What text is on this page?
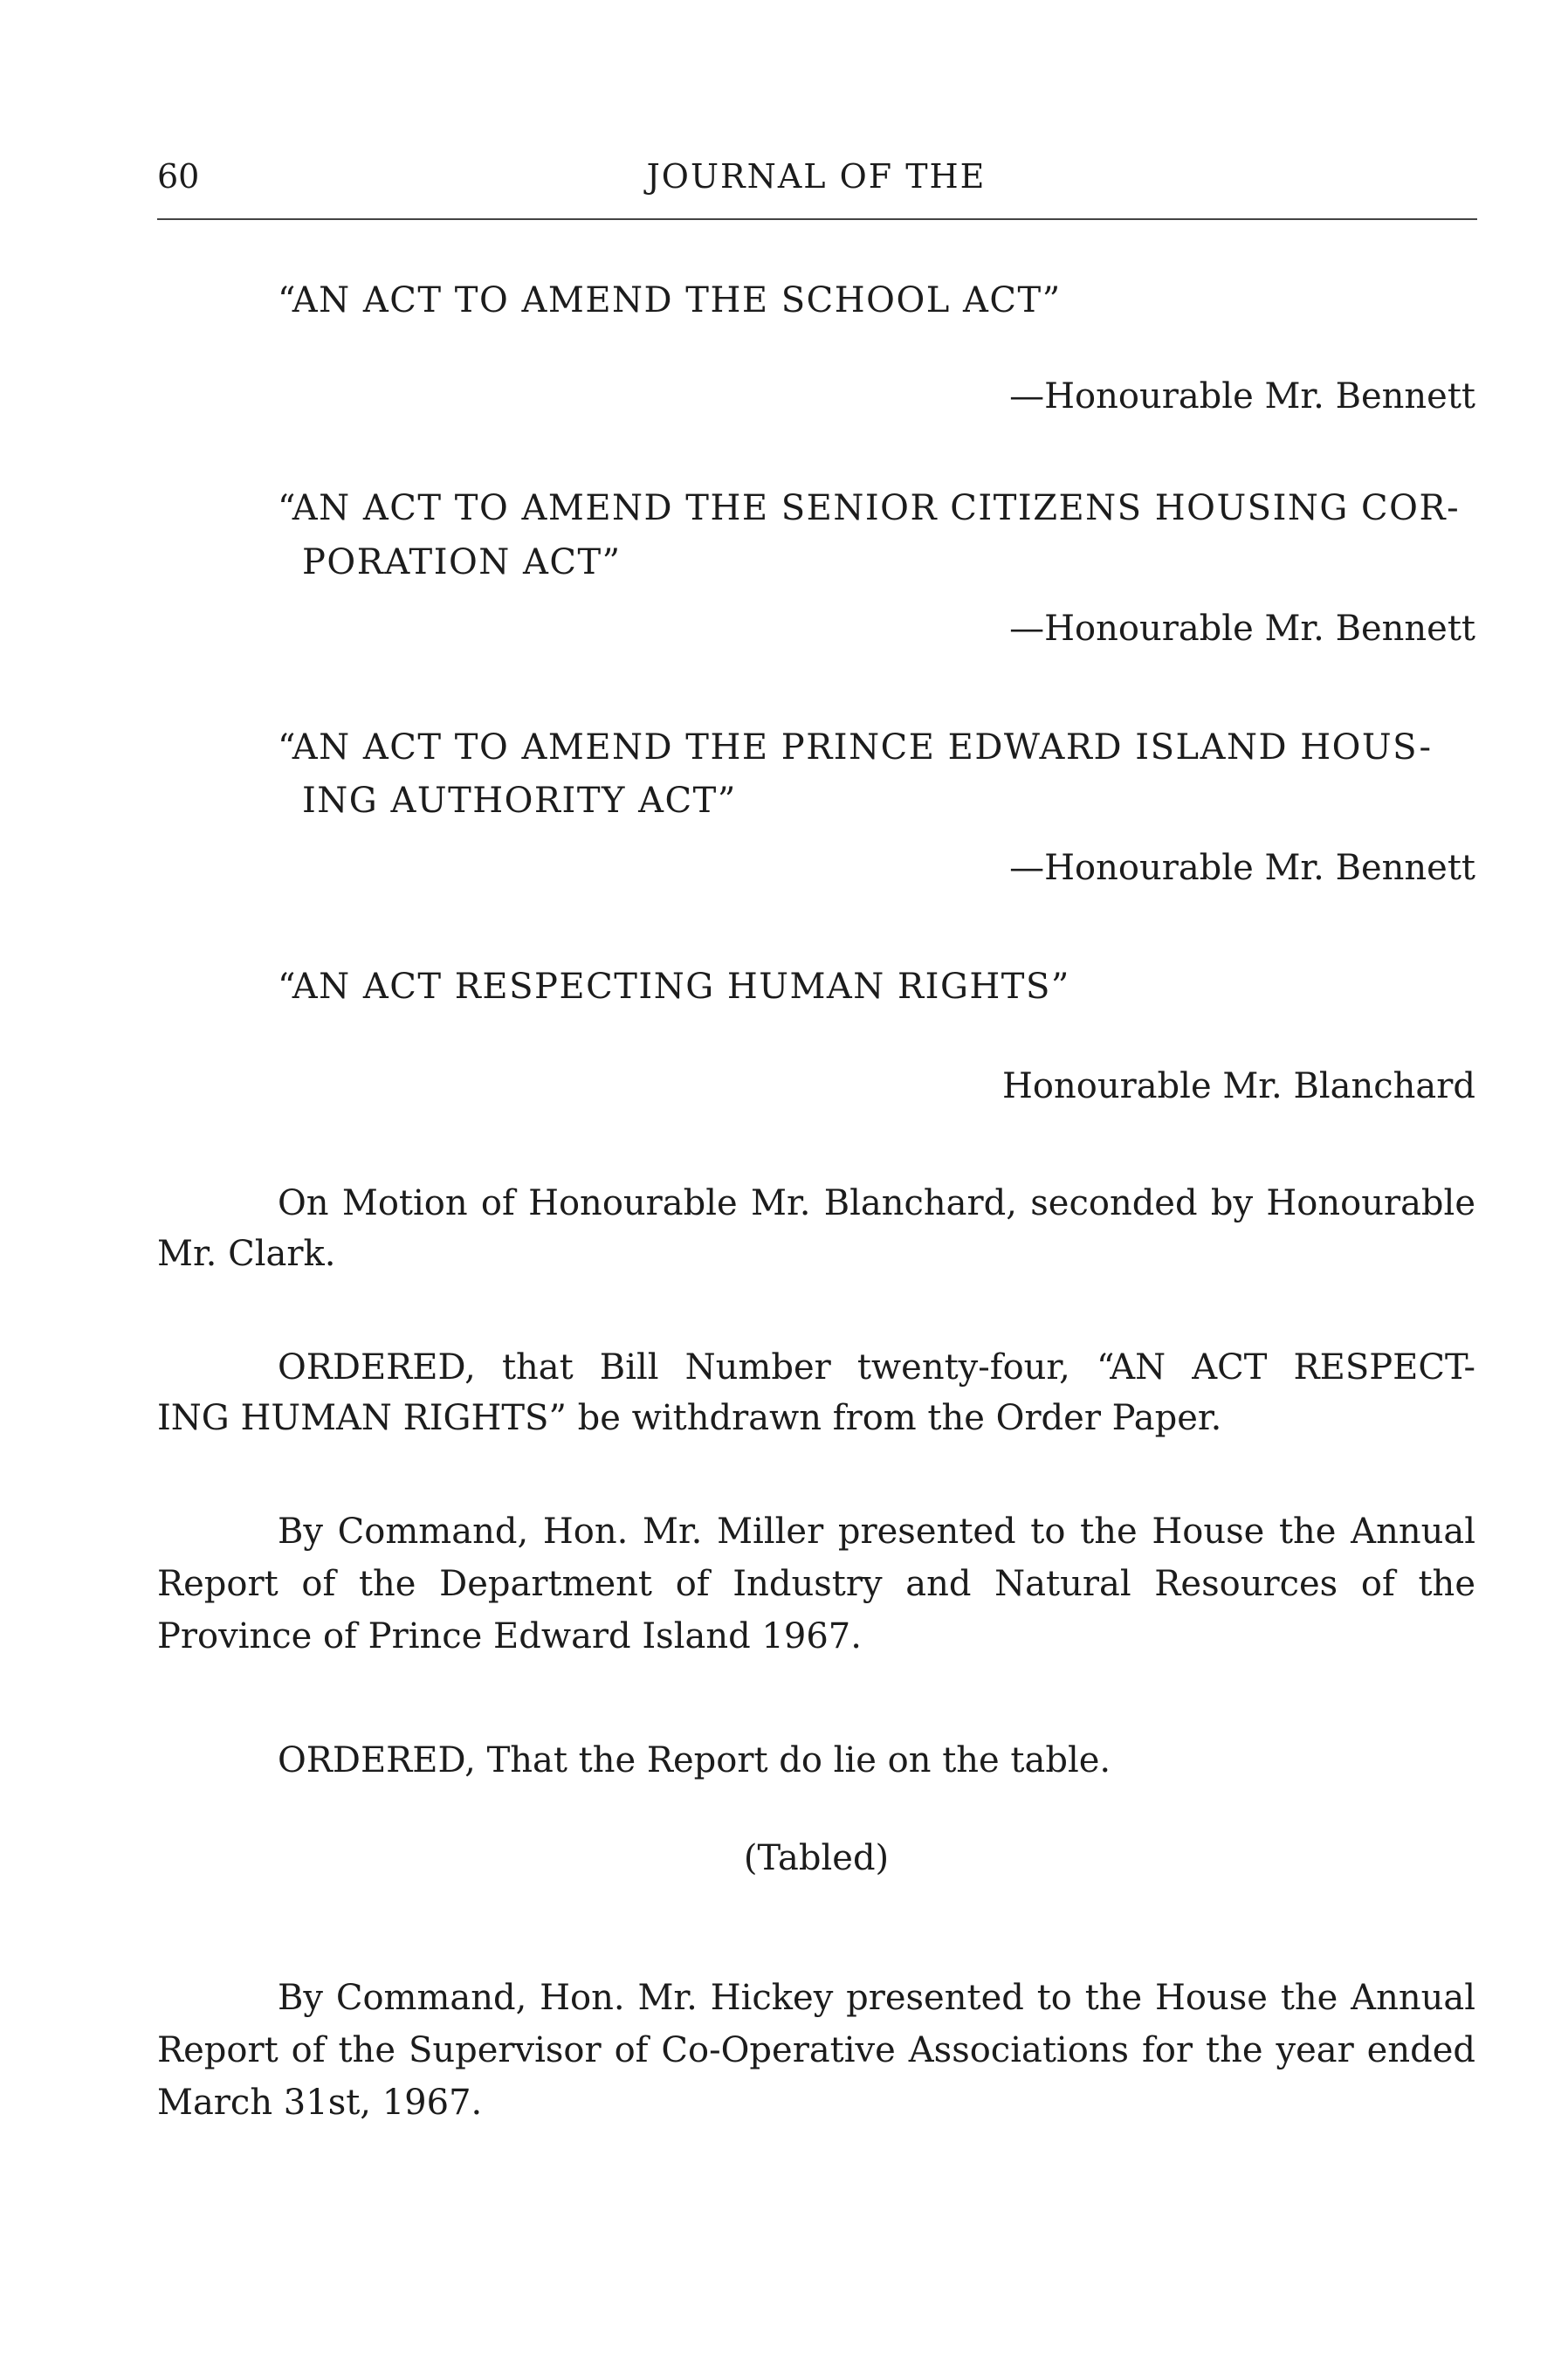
60	JOURNAL OF THE
“AN ACT TO AMEND THE SCHOOL ACT”
—Honourable Mr. Bennett
“AN ACT TO AMEND THE SENIOR CITIZENS HOUSING COR-
PORATION ACT”
—Honourable Mr. Bennett
“AN ACT TO AMEND THE PRINCE EDWARD ISLAND HOUS-
ING AUTHORITY ACT”
—Honourable Mr. Bennett
“AN ACT RESPECTING HUMAN RIGHTS”
Honourable Mr. Blanchard
On Motion of Honourable Mr. Blanchard, seconded by Honourable
Mr. Clark.
ORDERED, that Bill Number twenty-four, “AN ACT RESPECT-
ING HUMAN RIGHTS” be withdrawn from the Order Paper.
By Command, Hon. Mr. Miller presented to the House the Annual
Report of the Department of Industry and Natural Resources of the
Province of Prince Edward Island 1967.
ORDERED, That the Report do lie on the table.
(Tabled)
By Command, Hon. Mr. Hickey presented to the House the Annual
Report of the Supervisor of Co-Operative Associations for the year ended
March 31st, 1967.
